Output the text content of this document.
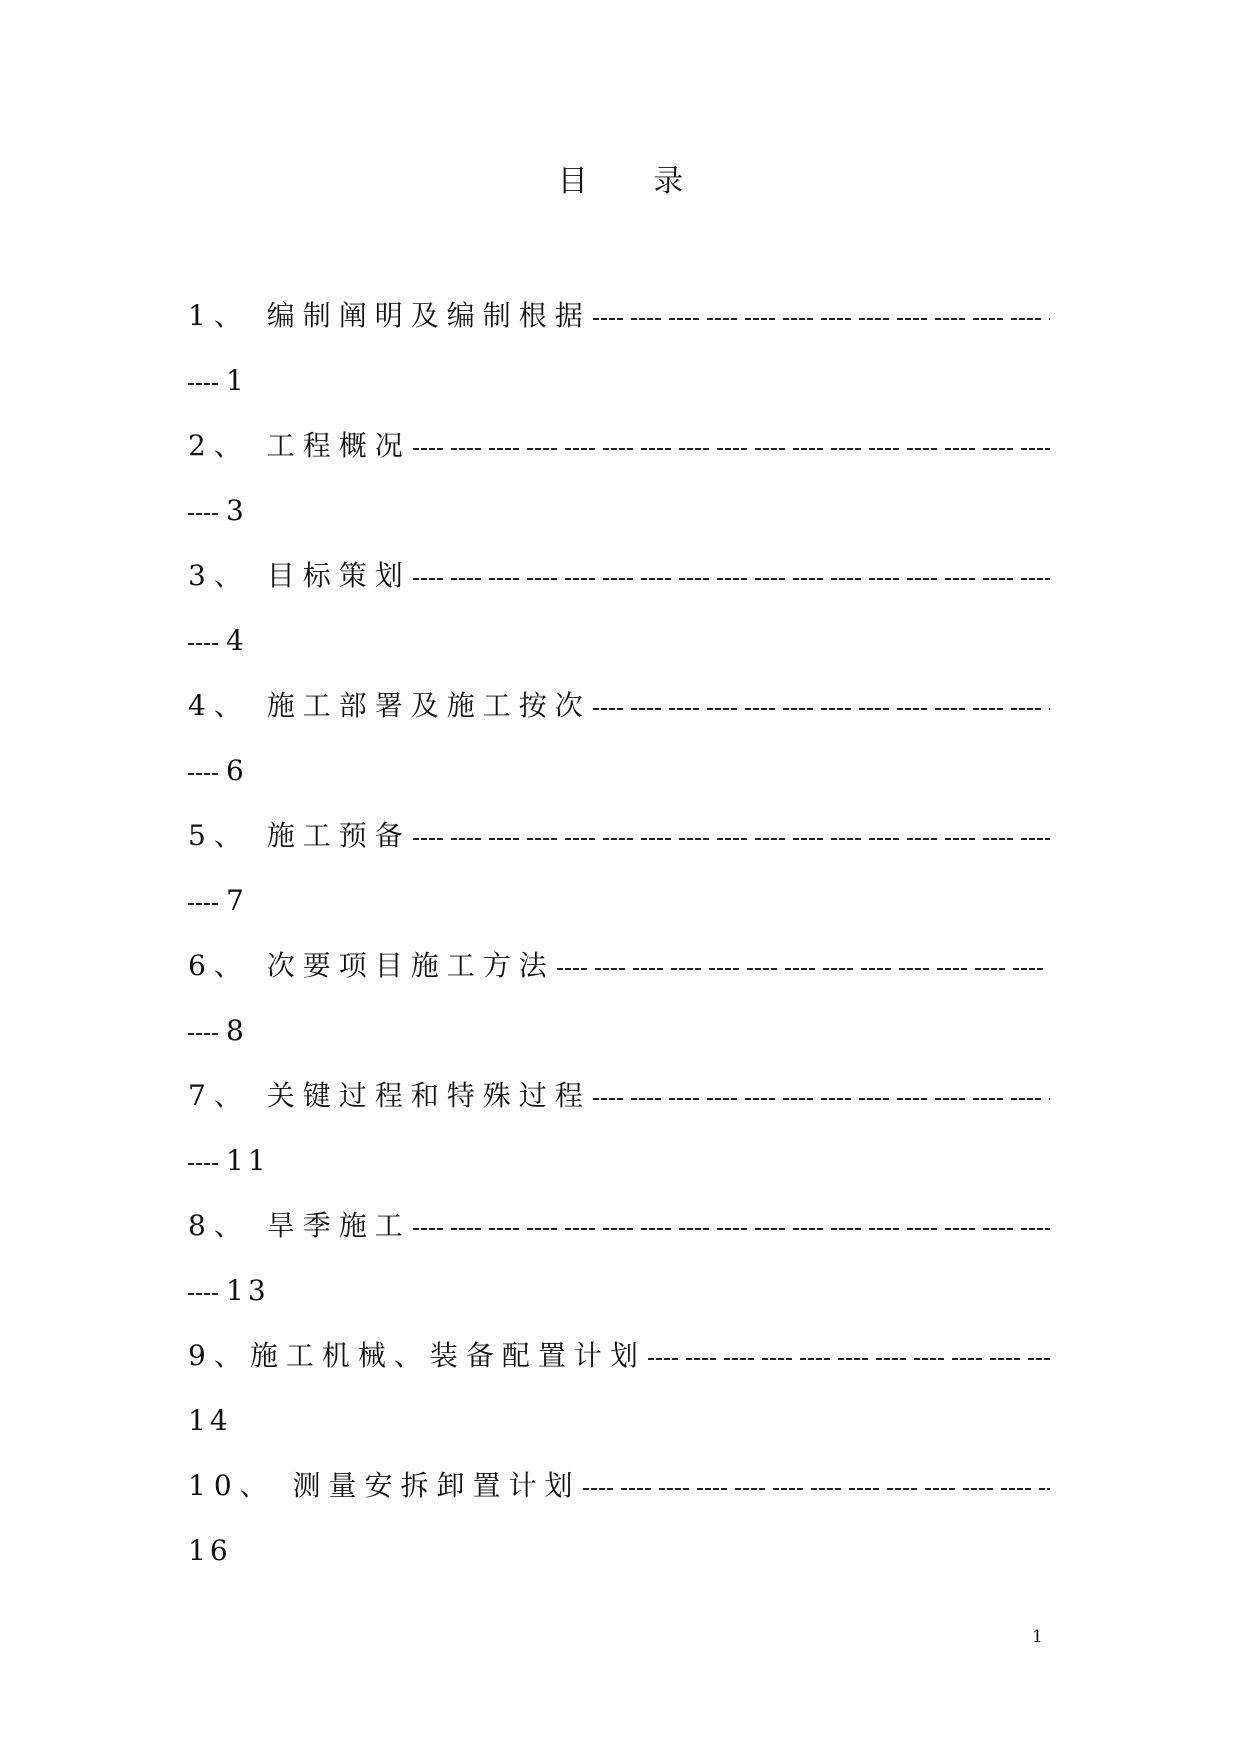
目 录
1、 编制阐明及编制根据
1
2、 工程概况
3
3、 目标策划
4
4、 施工部署及施工按次
6
5、 施工预备
7
6、 次要项目施工方法
8
7、 关键过程和特殊过程
11
8、 旱季施工
13
9、施工机械、装备配置计划
14
10、 测量安拆卸置计划
16
1
